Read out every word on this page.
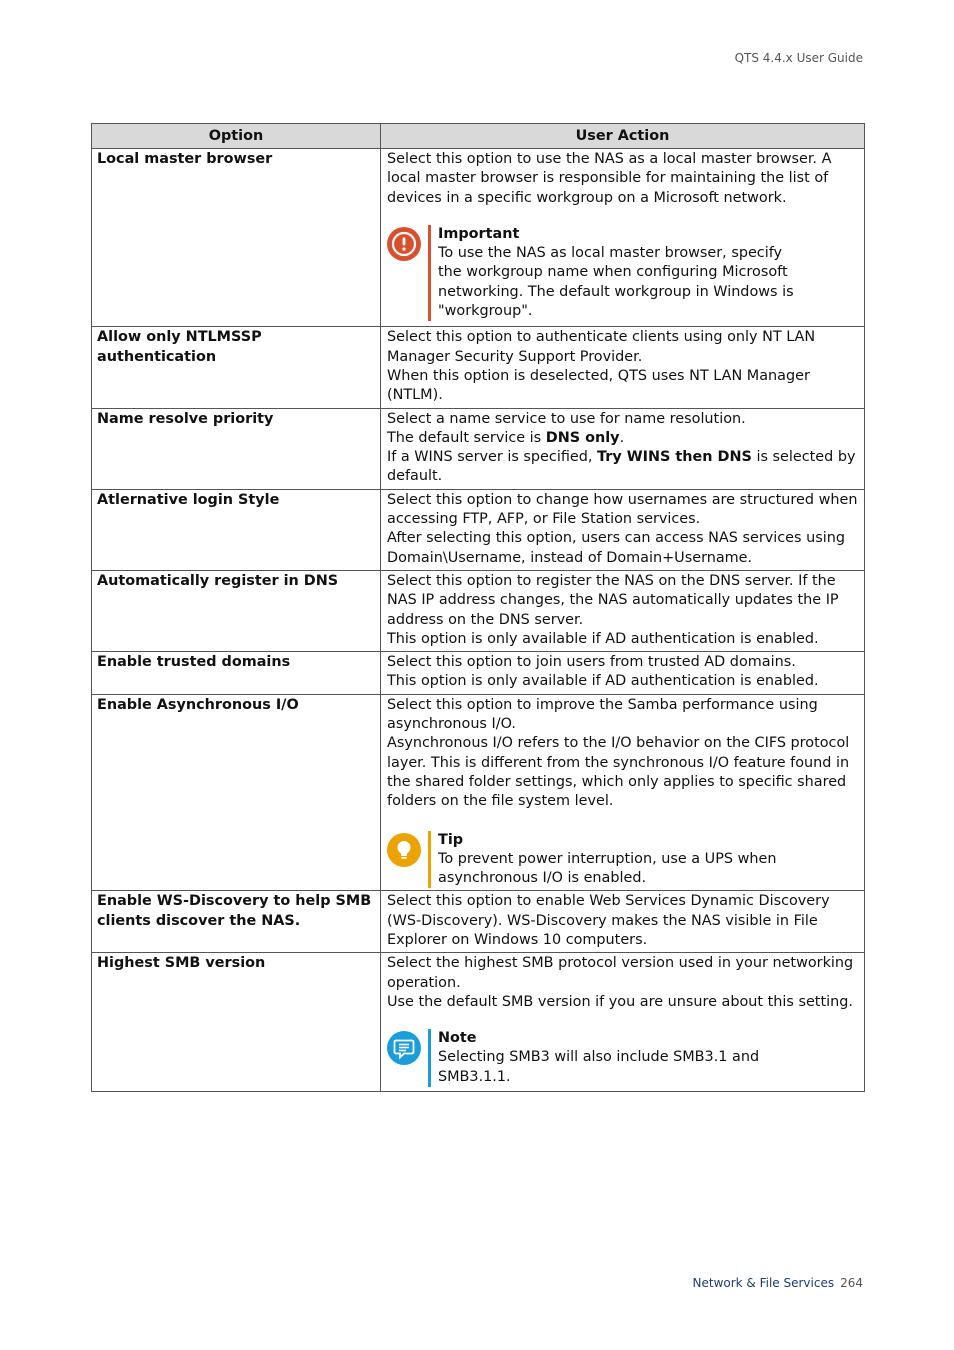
QTS 4.4.x User Guide
Option	User Action
Local master browser	Select this option to use the NAS as a local master browser. A local master browser is responsible for maintaining the list of devices in a specific workgroup on a Microsoft network.
Important
To use the NAS as local master browser, specify the workgroup name when configuring Microsoft networking. The default workgroup in Windows is "workgroup".

Allow only NTLMSSP authentication	Select this option to authenticate clients using only NT LAN Manager Security Support Provider.
When this option is deselected, QTS uses NT LAN Manager (NTLM).

Name resolve priority	Select a name service to use for name resolution.
The default service is DNS only.
If a WINS server is specified, Try WINS then DNS is selected by default.

Atlernative login Style	Select this option to change how usernames are structured when accessing FTP, AFP, or File Station services.
After selecting this option, users can access NAS services using Domain\Username, instead of Domain+Username.

Automatically register in DNS	Select this option to register the NAS on the DNS server. If the NAS IP address changes, the NAS automatically updates the IP address on the DNS server.
This option is only available if AD authentication is enabled.

Enable trusted domains	Select this option to join users from trusted AD domains.
This option is only available if AD authentication is enabled.

Enable Asynchronous I/O	Select this option to improve the Samba performance using asynchronous I/O.
Asynchronous I/O refers to the I/O behavior on the CIFS protocol layer. This is different from the synchronous I/O feature found in the shared folder settings, which only applies to specific shared folders on the file system level.
Tip
To prevent power interruption, use a UPS when asynchronous I/O is enabled.

Enable WS-Discovery to help SMB clients discover the NAS.	Select this option to enable Web Services Dynamic Discovery (WS-Discovery). WS-Discovery makes the NAS visible in File Explorer on Windows 10 computers.

Highest SMB version	Select the highest SMB protocol version used in your networking operation.
Use the default SMB version if you are unsure about this setting.
Note
Selecting SMB3 will also include SMB3.1 and SMB3.1.1.
Network & File Services 264
